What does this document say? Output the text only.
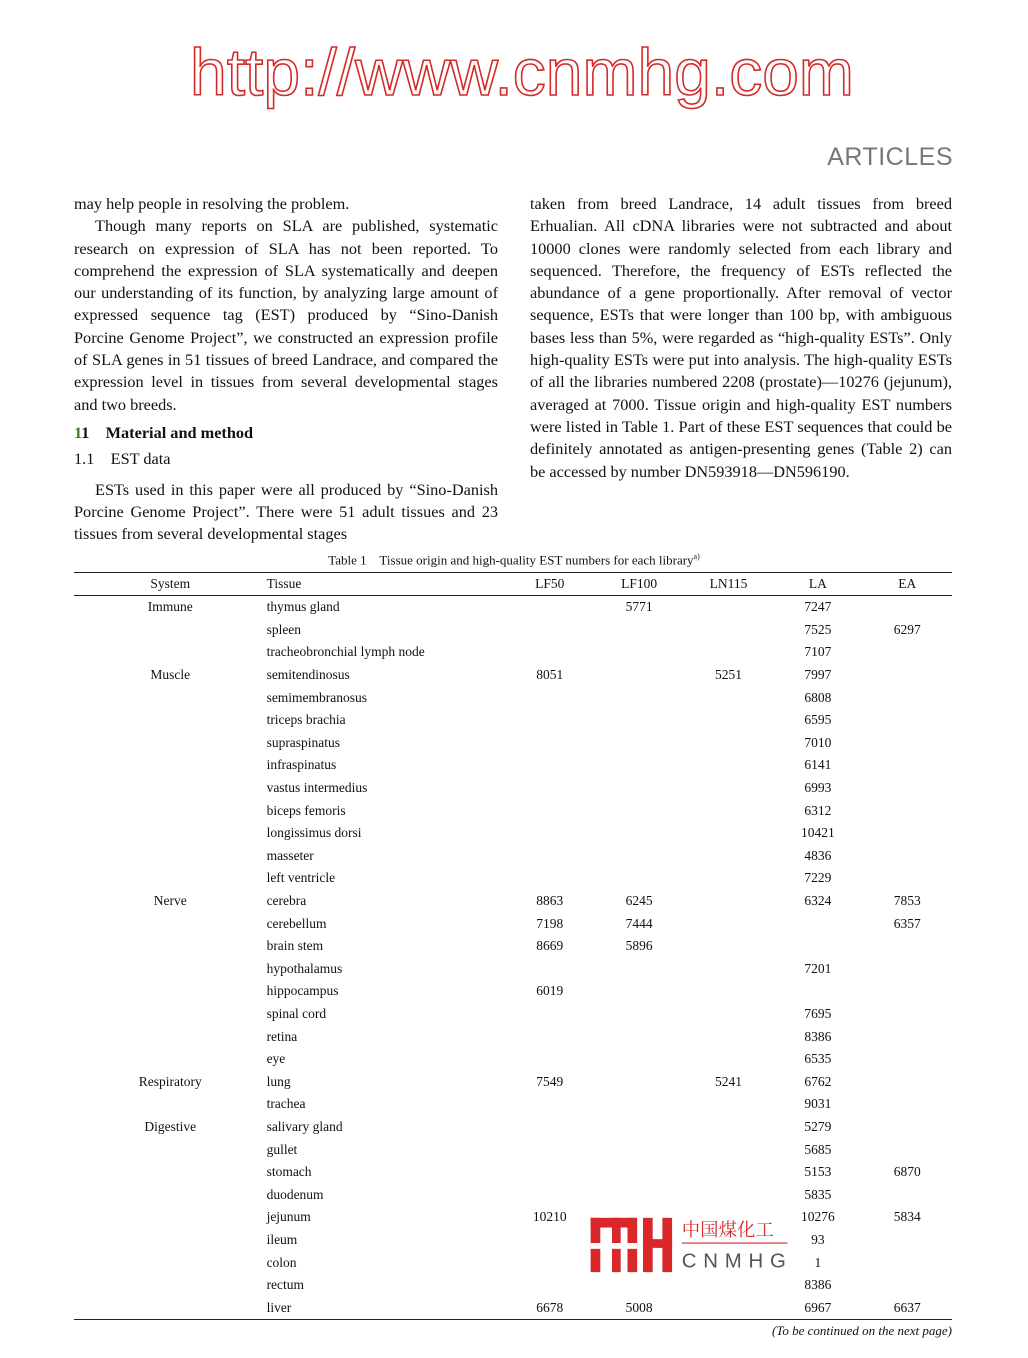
ARTICLES

may help people in resolving the problem.

Though many reports on SLA are published, systematic research on expression of SLA has not been reported. To comprehend the expression of SLA systematically and deepen our understanding of its function, by analyzing large amount of expressed sequence tag (EST) produced by “Sino-Danish Porcine Genome Project”, we constructed an expression profile of SLA genes in 51 tissues of breed Landrace, and compared the expression level in tissues from several developmental stages and two breeds.

11 Material and method

1.1    EST data

ESTs used in this paper were all produced by “Sino-Danish Porcine Genome Project”. There were 51 adult tissues and 23 tissues from several developmental stages

taken from breed Landrace, 14 adult tissues from breed Erhualian. All cDNA libraries were not subtracted and about 10000 clones were randomly selected from each library and sequenced. Therefore, the frequency of ESTs reflected the abundance of a gene proportionally. After removal of vector sequence, ESTs that were longer than 100 bp, with ambiguous bases less than 5%, were regarded as “high-quality ESTs”. Only high-quality ESTs were put into analysis. The high-quality ESTs of all the libraries numbered 2208 (prostate)—10276 (jejunum), averaged at 7000. Tissue origin and high-quality EST numbers were listed in Table 1. Part of these EST sequences that could be definitely annotated as antigen-presenting genes (Table 2) can be accessed by number DN593918—DN596190.

Table 1    Tissue origin and high-quality EST numbers for each library$^{a)}$
System	Tissue	LF50	LF100	LN115	LA	EA
Immune	thymus gland		5771		7247	
	spleen				7525	6297
	tracheobronchial lymph node				7107	
Muscle	semitendinosus	8051		5251	7997	
	semimembranosus				6808	
	triceps brachia				6595	
	supraspinatus				7010	
	infraspinatus				6141	
	vastus intermedius				6993	
	biceps femoris				6312	
	longissimus dorsi				10421	
	masseter				4836	
	left ventricle				7229	
Nerve	cerebra	8863	6245		6324	7853
	cerebellum	7198	7444			6357
	brain stem	8669	5896			
	hypothalamus				7201	
	hippocampus	6019				
	spinal cord				7695	
	retina				8386	
	eye				6535	
Respiratory	lung	7549		5241	6762	
	trachea				9031	
Digestive	salivary gland				5279	
	gullet				5685	
	stomach				5153	6870
	duodenum				5835	
	jejunum	10210			10276	5834
	ileum				93	
	colon				1	
	rectum				8386	
	liver	6678	5008		6967	6637
(To be continued on the next page)
http://www.cnmhg.com
中国煤化工
CNMHG
